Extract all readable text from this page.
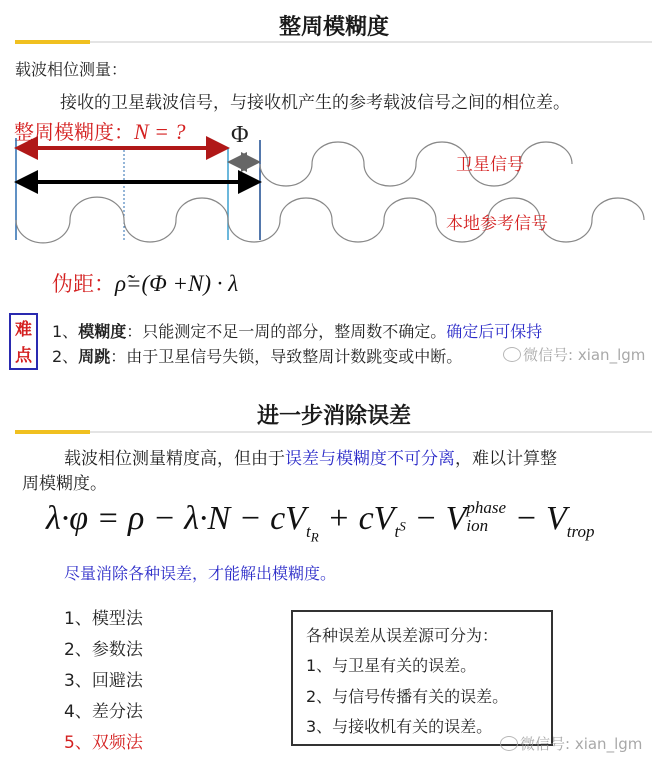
整周模糊度
载波相位测量：
接收的卫星载波信号，与接收机产生的参考载波信号之间的相位差。
整周模糊度：N = ? Φ
卫星信号
本地参考信号
伪距：ρ̃=(Φ +N) · λ
难
点
1、模糊度：只能测定不足一周的部分，整周数不确定。确定后可保持
2、周跳：由于卫星信号失锁，导致整周计数跳变或中断。	微信号: xian_lgm
进一步消除误差
载波相位测量精度高，但由于误差与模糊度不可分离，难以计算整
周模糊度。
$\lambda\cdot\varphi = \rho - \lambda\cdot N - cV_{t_R} + cV_{t^S} - V$ phase
ion − $V_{trop}$
尽量消除各种误差，才能解出模糊度。
1、模型法
2、参数法
3、回避法
4、差分法
5、双频法
各种误差从误差源可分为：
1、与卫星有关的误差。
2、与信号传播有关的误差。
3、与接收机有关的误差。
微信号: xian_lgm
